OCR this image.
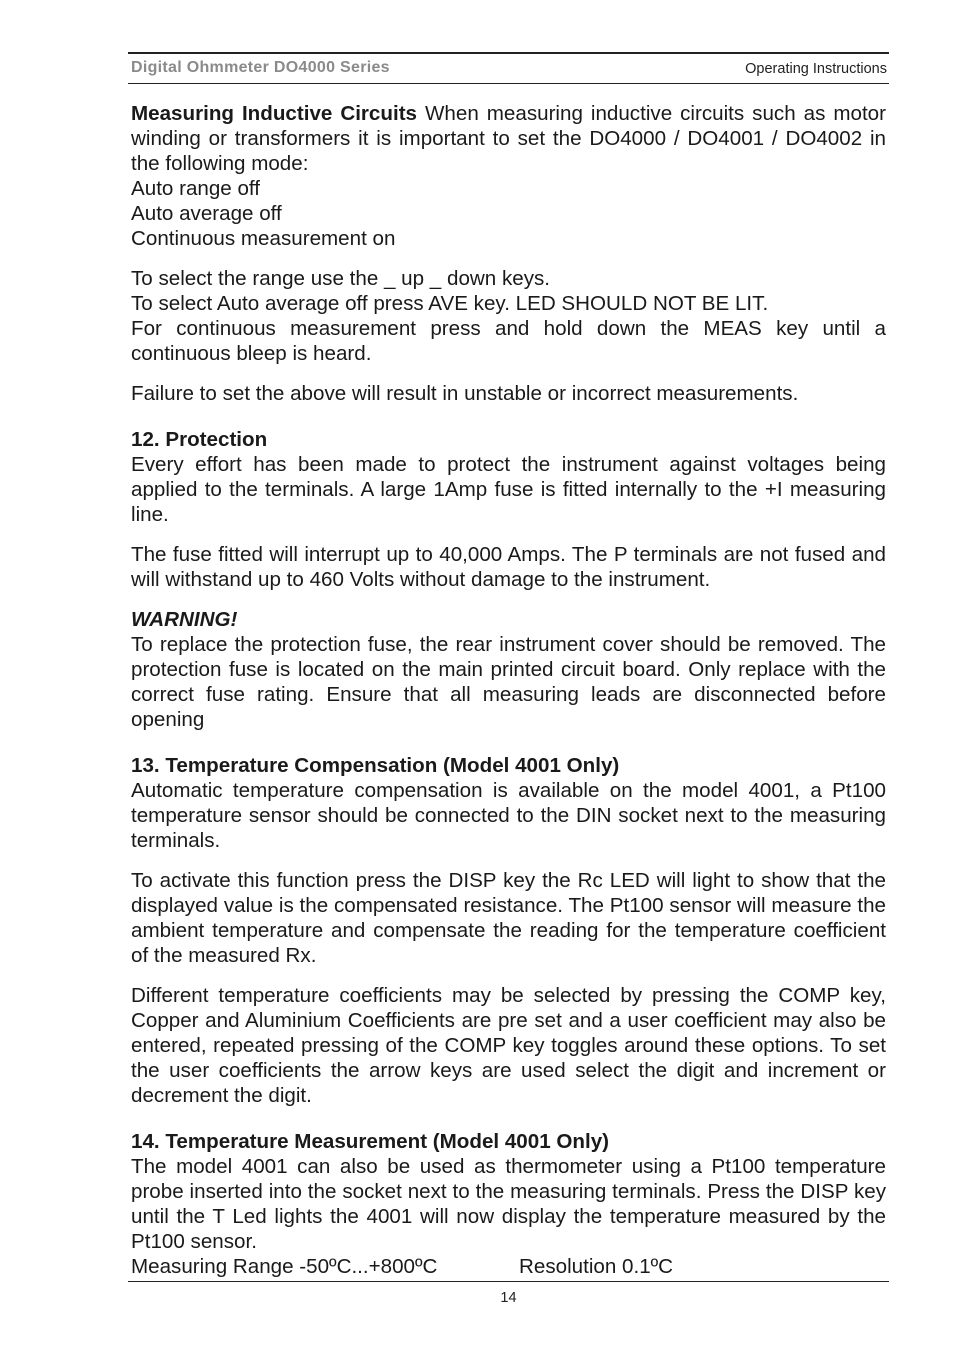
Digital Ohmmeter DO4000 Series	Operating Instructions

Measuring Inductive Circuits When measuring inductive circuits such as motor winding or transformers it is important to set the DO4000 / DO4001 / DO4002 in the following mode:
Auto range off
Auto average off
Continuous measurement on

To select the range use the _ up _ down keys.
To select Auto average off press AVE key. LED SHOULD NOT BE LIT.
For continuous measurement press and hold down the MEAS key until a continuous bleep is heard.

Failure to set the above will result in unstable or incorrect measurements.

12. Protection
Every effort has been made to protect the instrument against voltages being applied to the terminals. A large 1Amp fuse is fitted internally to the +I measuring line.

The fuse fitted will interrupt up to 40,000 Amps. The P terminals are not fused and will withstand up to 460 Volts without damage to the instrument.

WARNING!
To replace the protection fuse, the rear instrument cover should be removed. The protection fuse is located on the main printed circuit board. Only replace with the correct fuse rating. Ensure that all measuring leads are disconnected before opening

13. Temperature Compensation (Model 4001 Only)
Automatic temperature compensation is available on the model 4001, a Pt100 temperature sensor should be connected to the DIN socket next to the measuring terminals.

To activate this function press the DISP key the Rc LED will light to show that the displayed value is the compensated resistance. The Pt100 sensor will measure the ambient temperature and compensate the reading for the temperature coefficient of the measured Rx.

Different temperature coefficients may be selected by pressing the COMP key, Copper and Aluminium Coefficients are pre set and a user coefficient may also be entered, repeated pressing of the COMP key toggles around these options. To set the user coefficients the arrow keys are used select the digit and increment or decrement the digit.

14. Temperature Measurement (Model 4001 Only)
The model 4001 can also be used as thermometer using a Pt100 temperature probe inserted into the socket next to the measuring terminals. Press the DISP key until the T Led lights the 4001 will now display the temperature measured by the Pt100 sensor.

Measuring Range -50ºC...+800ºC	Resolution 0.1ºC

14
